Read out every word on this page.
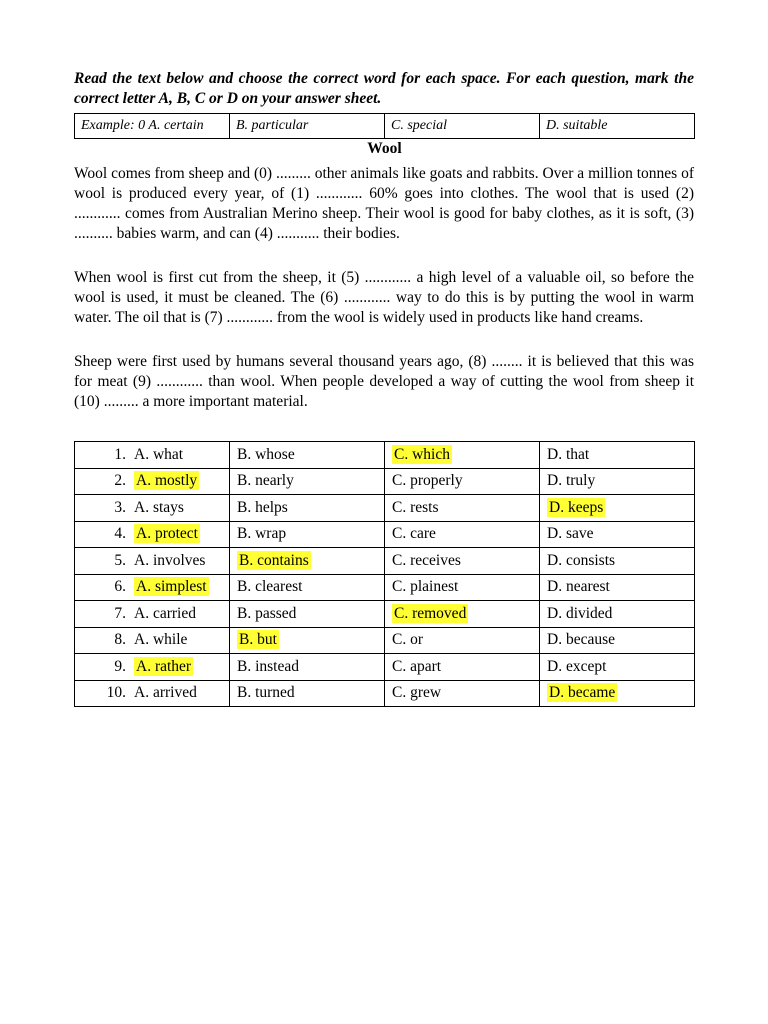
Read the text below and choose the correct word for each space. For each question, mark the correct letter A, B, C or D on your answer sheet.
Example: 0 A. certain	B. particular	C. special	D. suitable
Wool

Wool comes from sheep and (0) ......... other animals like goats and rabbits. Over a million tonnes of wool is produced every year, of (1) ............ 60% goes into clothes. The wool that is used (2) ............ comes from Australian Merino sheep. Their wool is good for baby clothes, as it is soft, (3) .......... babies warm, and can (4) ........... their bodies.

When wool is first cut from the sheep, it (5) ............ a high level of a valuable oil, so before the wool is used, it must be cleaned. The (6) ............ way to do this is by putting the wool in warm water. The oil that is (7) ............ from the wool is widely used in products like hand creams.

Sheep were first used by humans several thousand years ago, (8) ........ it is believed that this was for meat (9) ............ than wool. When people developed a way of cutting the wool from sheep it (10) ......... a more important material.

1. A. what	B. whose	C. which	D. that
2. A. mostly	B. nearly	C. properly	D. truly
3. A. stays	B. helps	C. rests	D. keeps
4. A. protect	B. wrap	C. care	D. save
5. A. involves	B. contains	C. receives	D. consists
6. A. simplest	B. clearest	C. plainest	D. nearest
7. A. carried	B. passed	C. removed	D. divided
8. A. while	B. but	C. or	D. because
9. A. rather	B. instead	C. apart	D. except
10. A. arrived	B. turned	C. grew	D. became
